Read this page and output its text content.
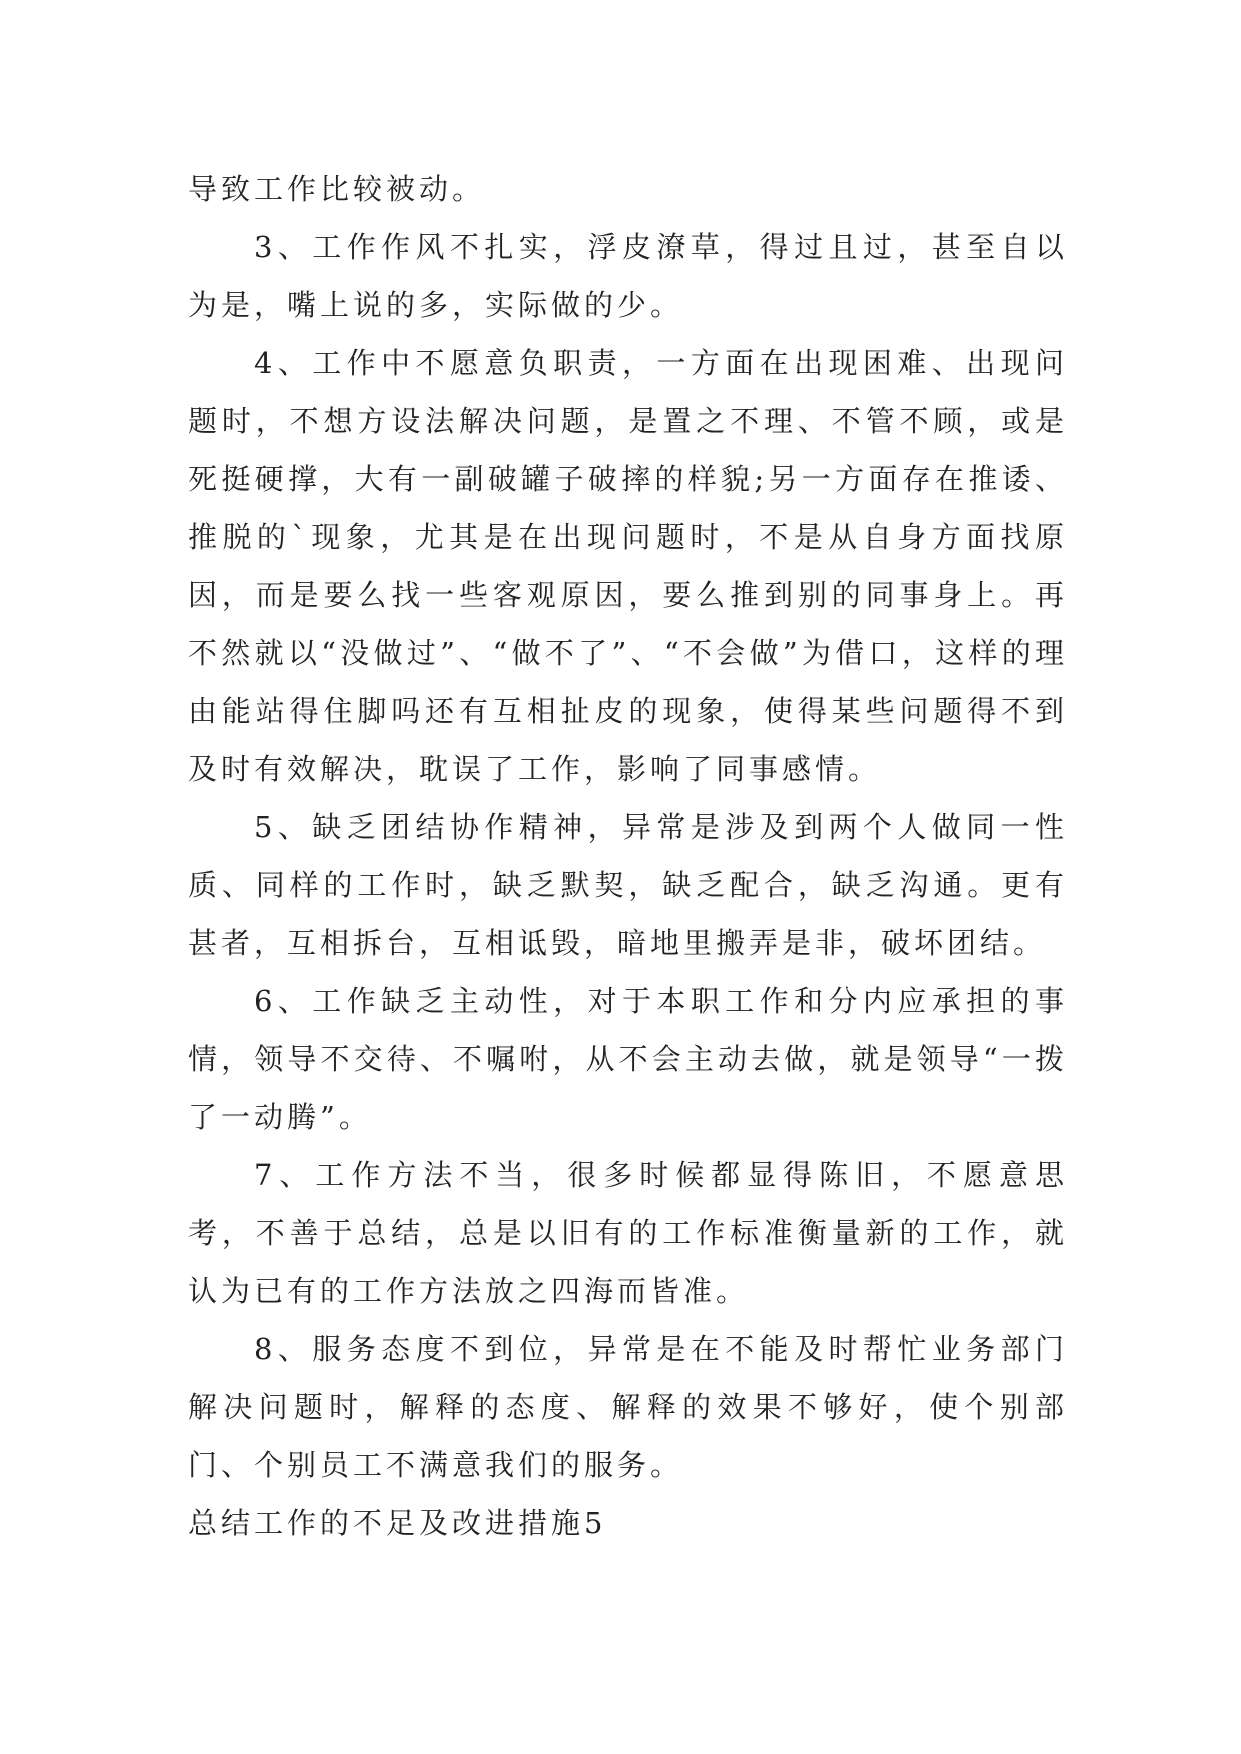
导致工作比较被动。

3、工作作风不扎实，浮皮潦草，得过且过，甚至自以为是，嘴上说的多，实际做的少。

4、工作中不愿意负职责，一方面在出现困难、出现问题时，不想方设法解决问题，是置之不理、不管不顾，或是死挺硬撑，大有一副破罐子破摔的样貌;另一方面存在推诿、推脱的`现象，尤其是在出现问题时，不是从自身方面找原因，而是要么找一些客观原因，要么推到别的同事身上。再不然就以“没做过”、“做不了”、“不会做”为借口，这样的理由能站得住脚吗还有互相扯皮的现象，使得某些问题得不到及时有效解决，耽误了工作，影响了同事感情。

5、缺乏团结协作精神，异常是涉及到两个人做同一性质、同样的工作时，缺乏默契，缺乏配合，缺乏沟通。更有甚者，互相拆台，互相诋毁，暗地里搬弄是非，破坏团结。

6、工作缺乏主动性，对于本职工作和分内应承担的事情，领导不交待、不嘱咐，从不会主动去做，就是领导“一拨了一动腾”。

7、工作方法不当，很多时候都显得陈旧，不愿意思考，不善于总结，总是以旧有的工作标准衡量新的工作，就认为已有的工作方法放之四海而皆准。

8、服务态度不到位，异常是在不能及时帮忙业务部门解决问题时，解释的态度、解释的效果不够好，使个别部门、个别员工不满意我们的服务。

总结工作的不足及改进措施5
